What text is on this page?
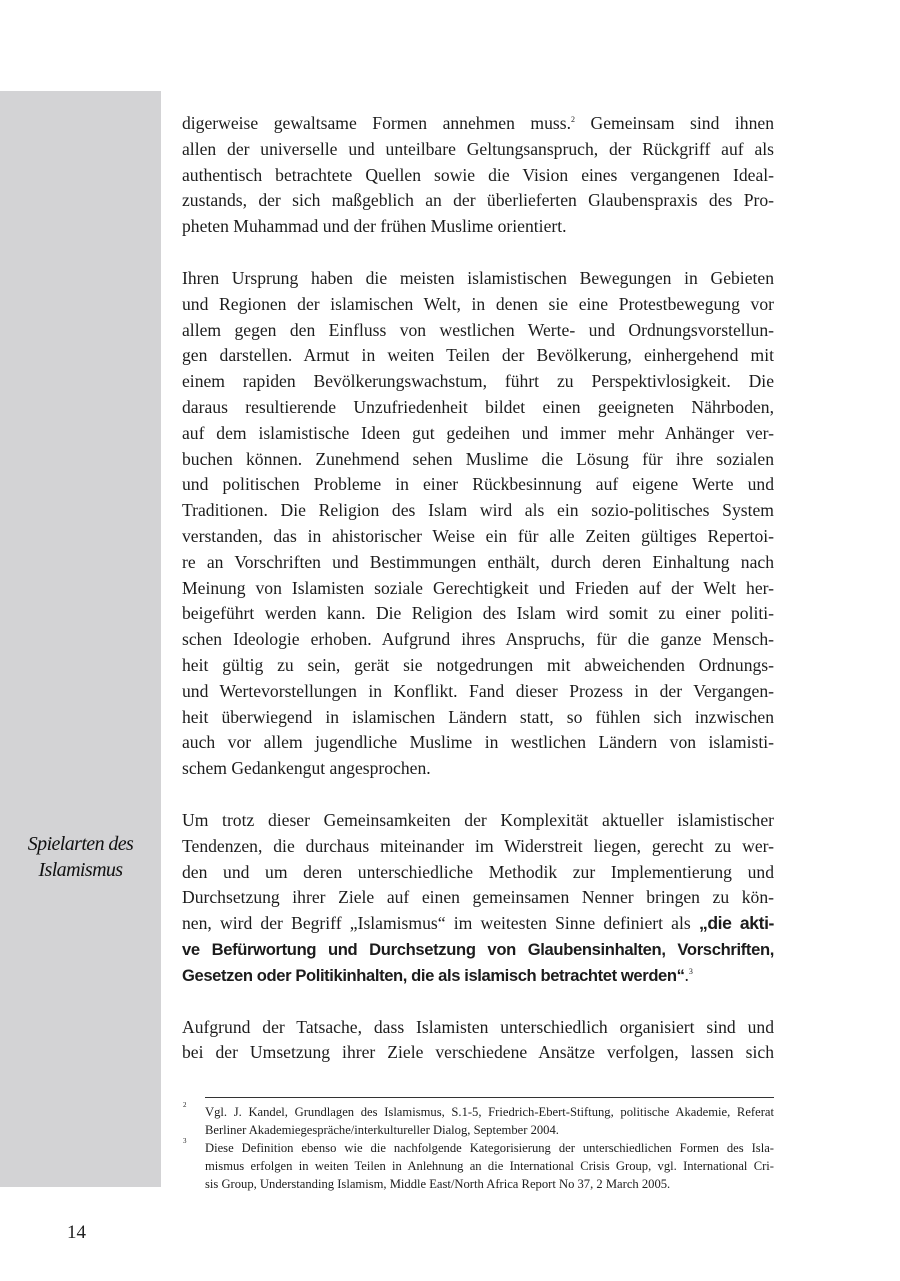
Spielarten des
Islamismus
digerweise gewaltsame Formen annehmen muss.$^2$ Gemeinsam sind ihnen
allen der universelle und unteilbare Geltungsanspruch, der Rückgriff auf als
authentisch betrachtete Quellen sowie die Vision eines vergangenen Ideal-
zustands, der sich maßgeblich an der überlieferten Glaubenspraxis des Pro-
pheten Muhammad und der frühen Muslime orientiert.
Ihren Ursprung haben die meisten islamistischen Bewegungen in Gebieten
und Regionen der islamischen Welt, in denen sie eine Protestbewegung vor
allem gegen den Einfluss von westlichen Werte- und Ordnungsvorstellun-
gen darstellen. Armut in weiten Teilen der Bevölkerung, einhergehend mit
einem rapiden Bevölkerungswachstum, führt zu Perspektivlosigkeit. Die
daraus resultierende Unzufriedenheit bildet einen geeigneten Nährboden,
auf dem islamistische Ideen gut gedeihen und immer mehr Anhänger ver-
buchen können. Zunehmend sehen Muslime die Lösung für ihre sozialen
und politischen Probleme in einer Rückbesinnung auf eigene Werte und
Traditionen. Die Religion des Islam wird als ein sozio-politisches System
verstanden, das in ahistorischer Weise ein für alle Zeiten gültiges Repertoi-
re an Vorschriften und Bestimmungen enthält, durch deren Einhaltung nach
Meinung von Islamisten soziale Gerechtigkeit und Frieden auf der Welt her-
beigeführt werden kann. Die Religion des Islam wird somit zu einer politi-
schen Ideologie erhoben. Aufgrund ihres Anspruchs, für die ganze Mensch-
heit gültig zu sein, gerät sie notgedrungen mit abweichenden Ordnungs-
und Wertevorstellungen in Konflikt. Fand dieser Prozess in der Vergangen-
heit überwiegend in islamischen Ländern statt, so fühlen sich inzwischen
auch vor allem jugendliche Muslime in westlichen Ländern von islamisti-
schem Gedankengut angesprochen.
Um trotz dieser Gemeinsamkeiten der Komplexität aktueller islamistischer
Tendenzen, die durchaus miteinander im Widerstreit liegen, gerecht zu wer-
den und um deren unterschiedliche Methodik zur Implementierung und
Durchsetzung ihrer Ziele auf einen gemeinsamen Nenner bringen zu kön-
nen, wird der Begriff „Islamismus“ im weitesten Sinne definiert als „die akti-
ve Befürwortung und Durchsetzung von Glaubensinhalten, Vorschriften,
Gesetzen oder Politikinhalten, die als islamisch betrachtet werden“.$^3$
Aufgrund der Tatsache, dass Islamisten unterschiedlich organisiert sind und
bei der Umsetzung ihrer Ziele verschiedene Ansätze verfolgen, lassen sich
2 Vgl. J. Kandel, Grundlagen des Islamismus, S.1-5, Friedrich-Ebert-Stiftung, politische Akademie, Referat
Berliner Akademiegespräche/interkultureller Dialog, September 2004.
3 Diese Definition ebenso wie die nachfolgende Kategorisierung der unterschiedlichen Formen des Isla-
mismus erfolgen in weiten Teilen in Anlehnung an die International Crisis Group, vgl. International Cri-
sis Group, Understanding Islamism, Middle East/North Africa Report No 37, 2 March 2005.
14
